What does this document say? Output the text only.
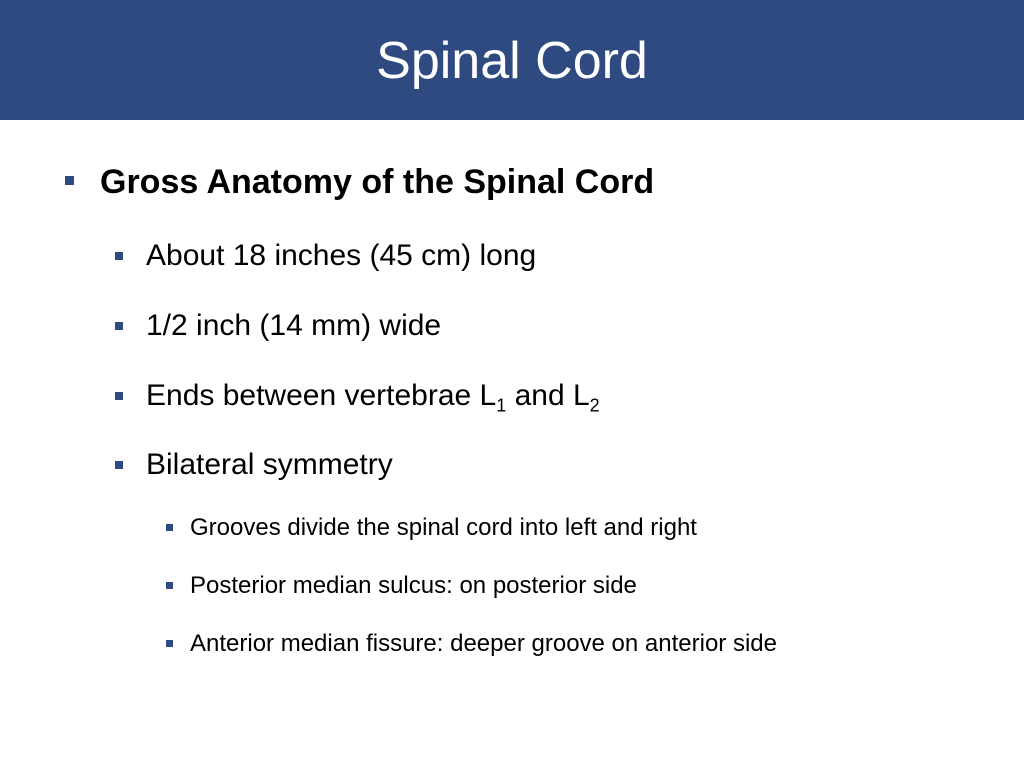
Spinal Cord
Gross Anatomy of the Spinal Cord
About 18 inches (45 cm) long
1/2 inch (14 mm) wide
Ends between vertebrae $L_1$ and $L_2$
Bilateral symmetry
Grooves divide the spinal cord into left and right
Posterior median sulcus: on posterior side
Anterior median fissure: deeper groove on anterior side
